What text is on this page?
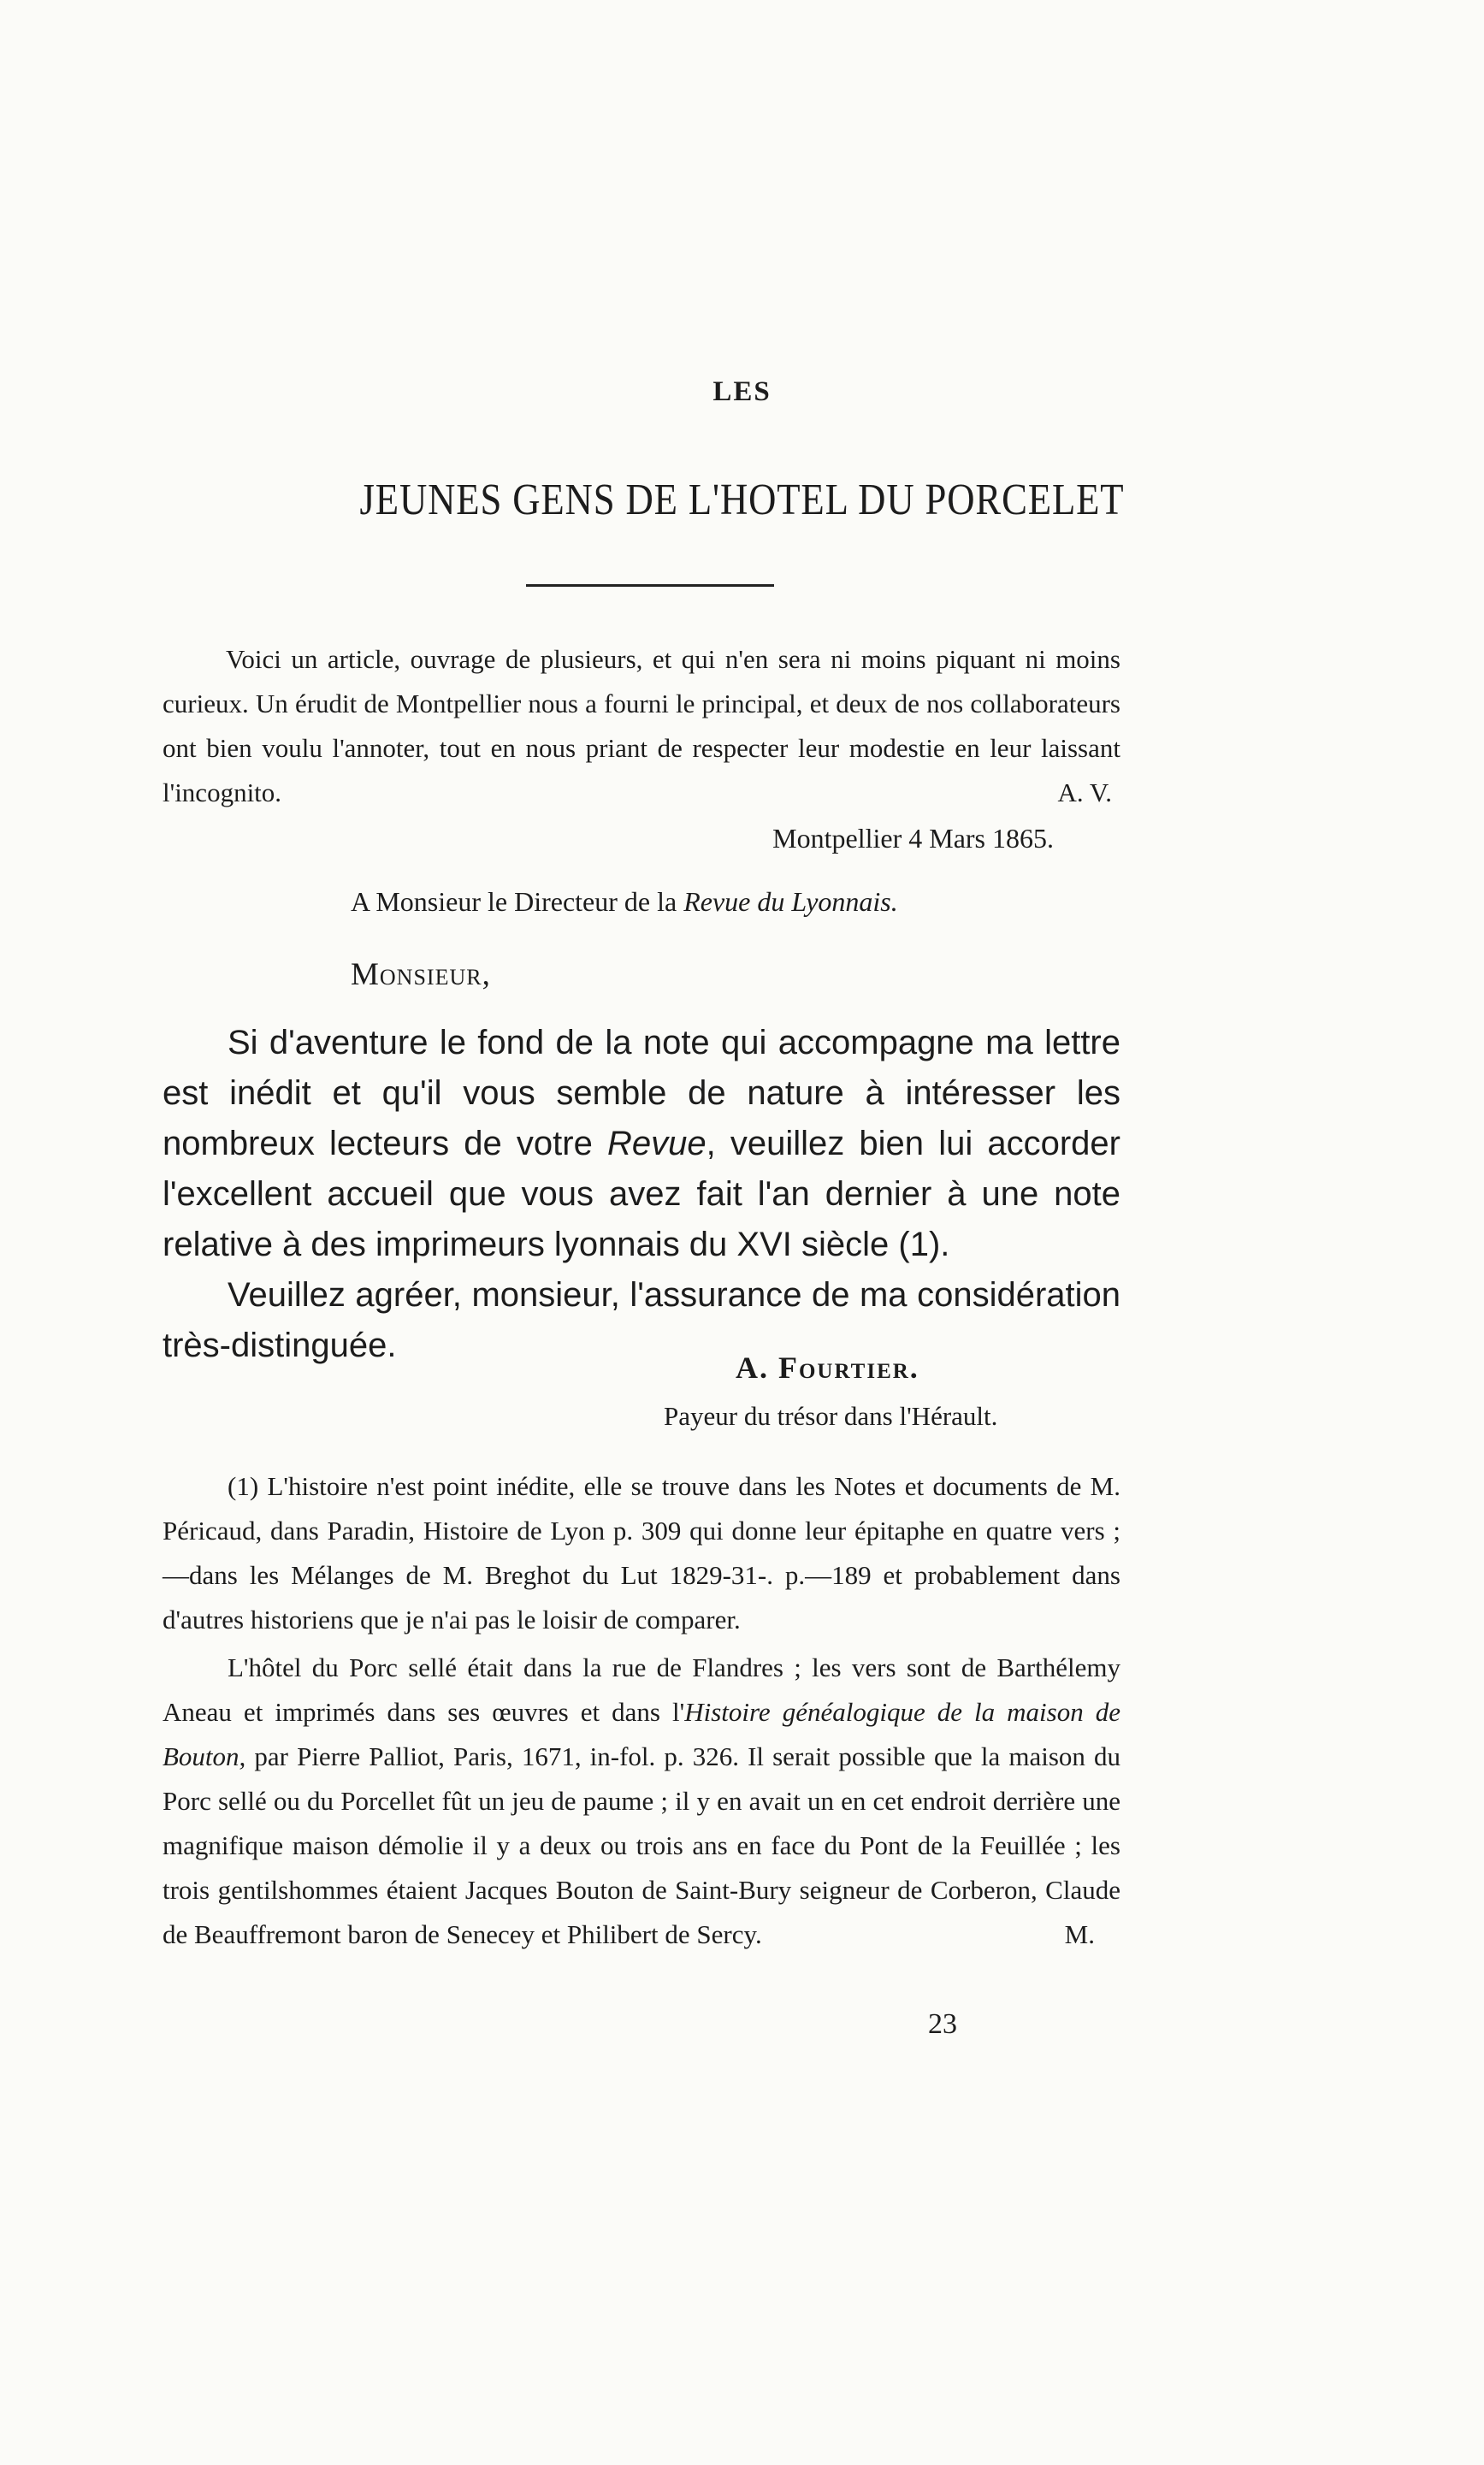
LES
JEUNES GENS DE L'HOTEL DU PORCELET
Voici un article, ouvrage de plusieurs, et qui n'en sera ni moins piquant ni moins curieux. Un érudit de Montpellier nous a fourni le principal, et deux de nos collaborateurs ont bien voulu l'annoter, tout en nous priant de respecter leur modestie en leur laissant l'incognito.	A. V.
Montpellier 4 Mars 1865.
A Monsieur le Directeur de la Revue du Lyonnais.
Monsieur,

Si d'aventure le fond de la note qui accompagne ma lettre est inédit et qu'il vous semble de nature à intéresser les nombreux lecteurs de votre Revue, veuillez bien lui accorder l'excellent accueil que vous avez fait l'an dernier à une note relative à des imprimeurs lyonnais du XVI siècle (1).

Veuillez agréer, monsieur, l'assurance de ma considération très-distinguée.

A. Fourtier.
Payeur du trésor dans l'Hérault.

(1) L'histoire n'est point inédite, elle se trouve dans les Notes et documents de M. Péricaud, dans Paradin, Histoire de Lyon p. 309 qui donne leur épitaphe en quatre vers ;—dans les Mélanges de M. Breghot du Lut 1829-31-. p.—189 et probablement dans d'autres historiens que je n'ai pas le loisir de comparer.

L'hôtel du Porc sellé était dans la rue de Flandres ; les vers sont de Barthélemy Aneau et imprimés dans ses œuvres et dans l'Histoire généalogique de la maison de Bouton, par Pierre Palliot, Paris, 1671, in-fol. p. 326. Il serait possible que la maison du Porc sellé ou du Porcellet fût un jeu de paume ; il y en avait un en cet endroit derrière une magnifique maison démolie il y a deux ou trois ans en face du Pont de la Feuillée ; les trois gentilshommes étaient Jacques Bouton de Saint-Bury seigneur de Corberon, Claude de Beauffremont baron de Senecey et Philibert de Sercy.	M.

23
